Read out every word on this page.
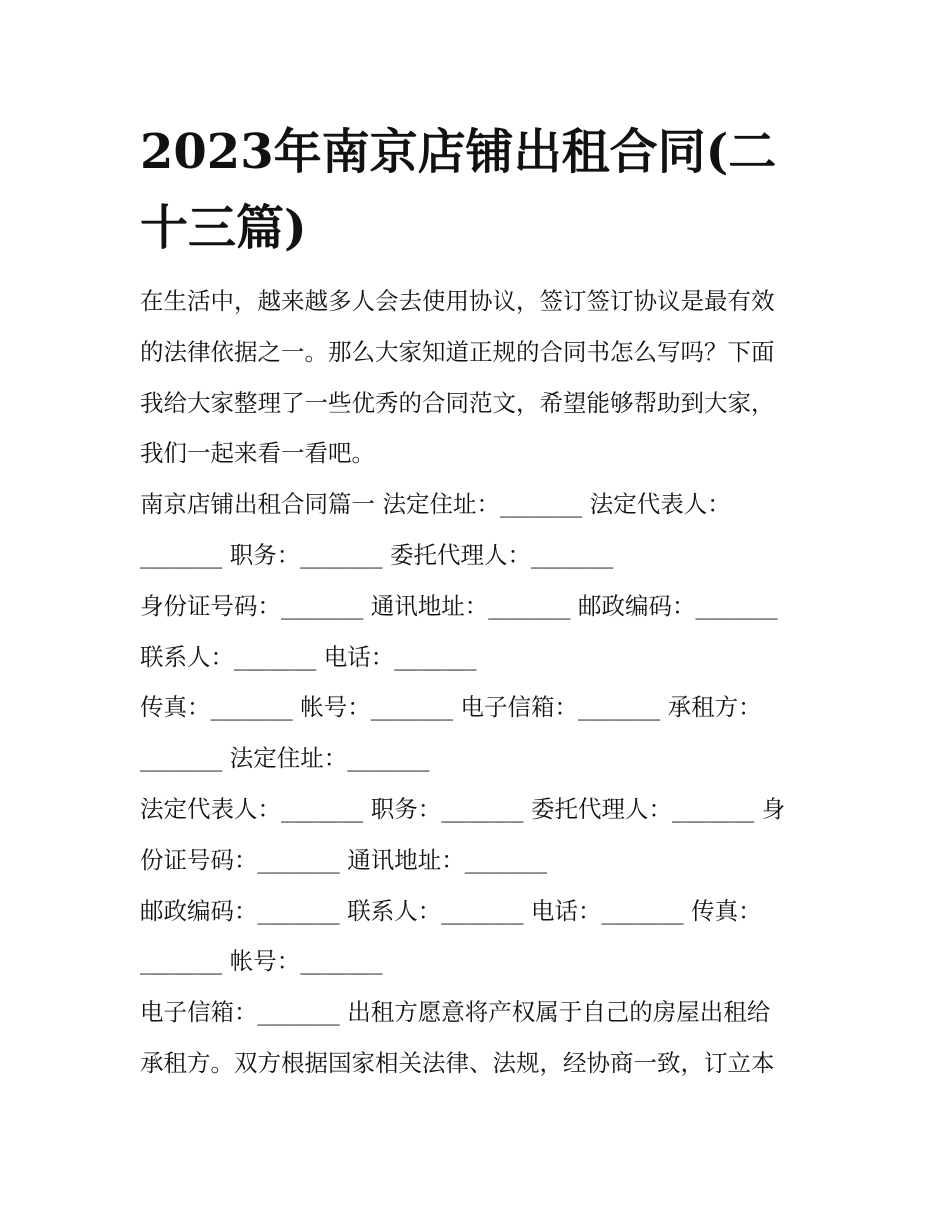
2023年南京店铺出租合同(二
十三篇)
在生活中，越来越多人会去使用协议，签订签订协议是最有效
的法律依据之一。那么大家知道正规的合同书怎么写吗？下面
我给大家整理了一些优秀的合同范文，希望能够帮助到大家，
我们一起来看一看吧。
南京店铺出租合同篇一 法定住址：_______ 法定代表人：
_______ 职务：_______ 委托代理人：_______
身份证号码：_______ 通讯地址：_______ 邮政编码：_______
联系人：_______ 电话：_______
传真：_______ 帐号：_______ 电子信箱：_______ 承租方：
_______ 法定住址：_______
法定代表人：_______ 职务：_______ 委托代理人：_______ 身
份证号码：_______ 通讯地址：_______
邮政编码：_______ 联系人：_______ 电话：_______ 传真：
_______ 帐号：_______
电子信箱：_______ 出租方愿意将产权属于自己的房屋出租给
承租方。双方根据国家相关法律、法规，经协商一致，订立本
